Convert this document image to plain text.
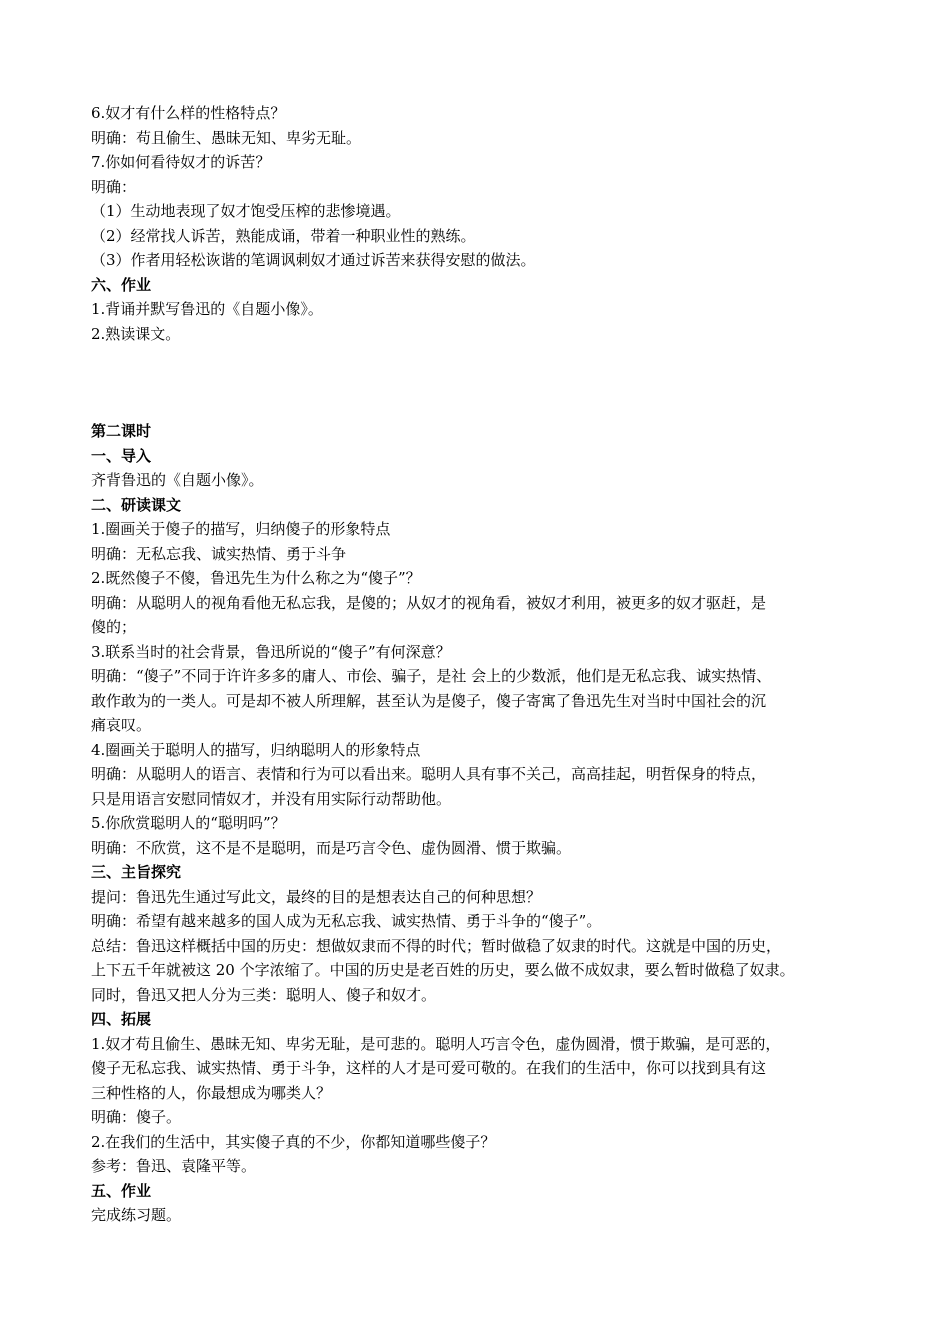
6.奴才有什么样的性格特点？

明确：苟且偷生、愚昧无知、卑劣无耻。

7.你如何看待奴才的诉苦？

明确：

（1）生动地表现了奴才饱受压榨的悲惨境遇。

（2）经常找人诉苦，熟能成诵，带着一种职业性的熟练。

（3）作者用轻松诙谐的笔调讽刺奴才通过诉苦来获得安慰的做法。

六、作业

1.背诵并默写鲁迅的《自题小像》。

2.熟读课文。

第二课时

一、导入

齐背鲁迅的《自题小像》。

二、研读课文

1.圈画关于傻子的描写，归纳傻子的形象特点

明确：无私忘我、诚实热情、勇于斗争

2.既然傻子不傻，鲁迅先生为什么称之为“傻子”？

明确：从聪明人的视角看他无私忘我，是傻的；从奴才的视角看，被奴才利用，被更多的奴才驱赶，是

傻的；

3.联系当时的社会背景，鲁迅所说的“傻子”有何深意？

明确：“傻子”不同于许许多多的庸人、市侩、骗子，是社 会上的少数派，他们是无私忘我、诚实热情、

敢作敢为的一类人。可是却不被人所理解，甚至认为是傻子，傻子寄寓了鲁迅先生对当时中国社会的沉

痛哀叹。

4.圈画关于聪明人的描写，归纳聪明人的形象特点

明确：从聪明人的语言、表情和行为可以看出来。聪明人具有事不关己，高高挂起，明哲保身的特点，

只是用语言安慰同情奴才，并没有用实际行动帮助他。

5.你欣赏聪明人的“聪明吗”？

明确：不欣赏，这不是不是聪明，而是巧言令色、虚伪圆滑、惯于欺骗。

三、主旨探究

提问：鲁迅先生通过写此文，最终的目的是想表达自己的何种思想？

明确：希望有越来越多的国人成为无私忘我、诚实热情、勇于斗争的“傻子”。

总结：鲁迅这样概括中国的历史：想做奴隶而不得的时代；暂时做稳了奴隶的时代。这就是中国的历史，

上下五千年就被这 20 个字浓缩了。中国的历史是老百姓的历史，要么做不成奴隶，要么暂时做稳了奴隶。

同时，鲁迅又把人分为三类：聪明人、傻子和奴才。

四、拓展

1.奴才苟且偷生、愚昧无知、卑劣无耻，是可悲的。聪明人巧言令色，虚伪圆滑，惯于欺骗，是可恶的，

傻子无私忘我、诚实热情、勇于斗争，这样的人才是可爱可敬的。在我们的生活中，你可以找到具有这

三种性格的人，你最想成为哪类人？

明确：傻子。

2.在我们的生活中，其实傻子真的不少，你都知道哪些傻子？

参考：鲁迅、袁隆平等。

五、作业

完成练习题。
